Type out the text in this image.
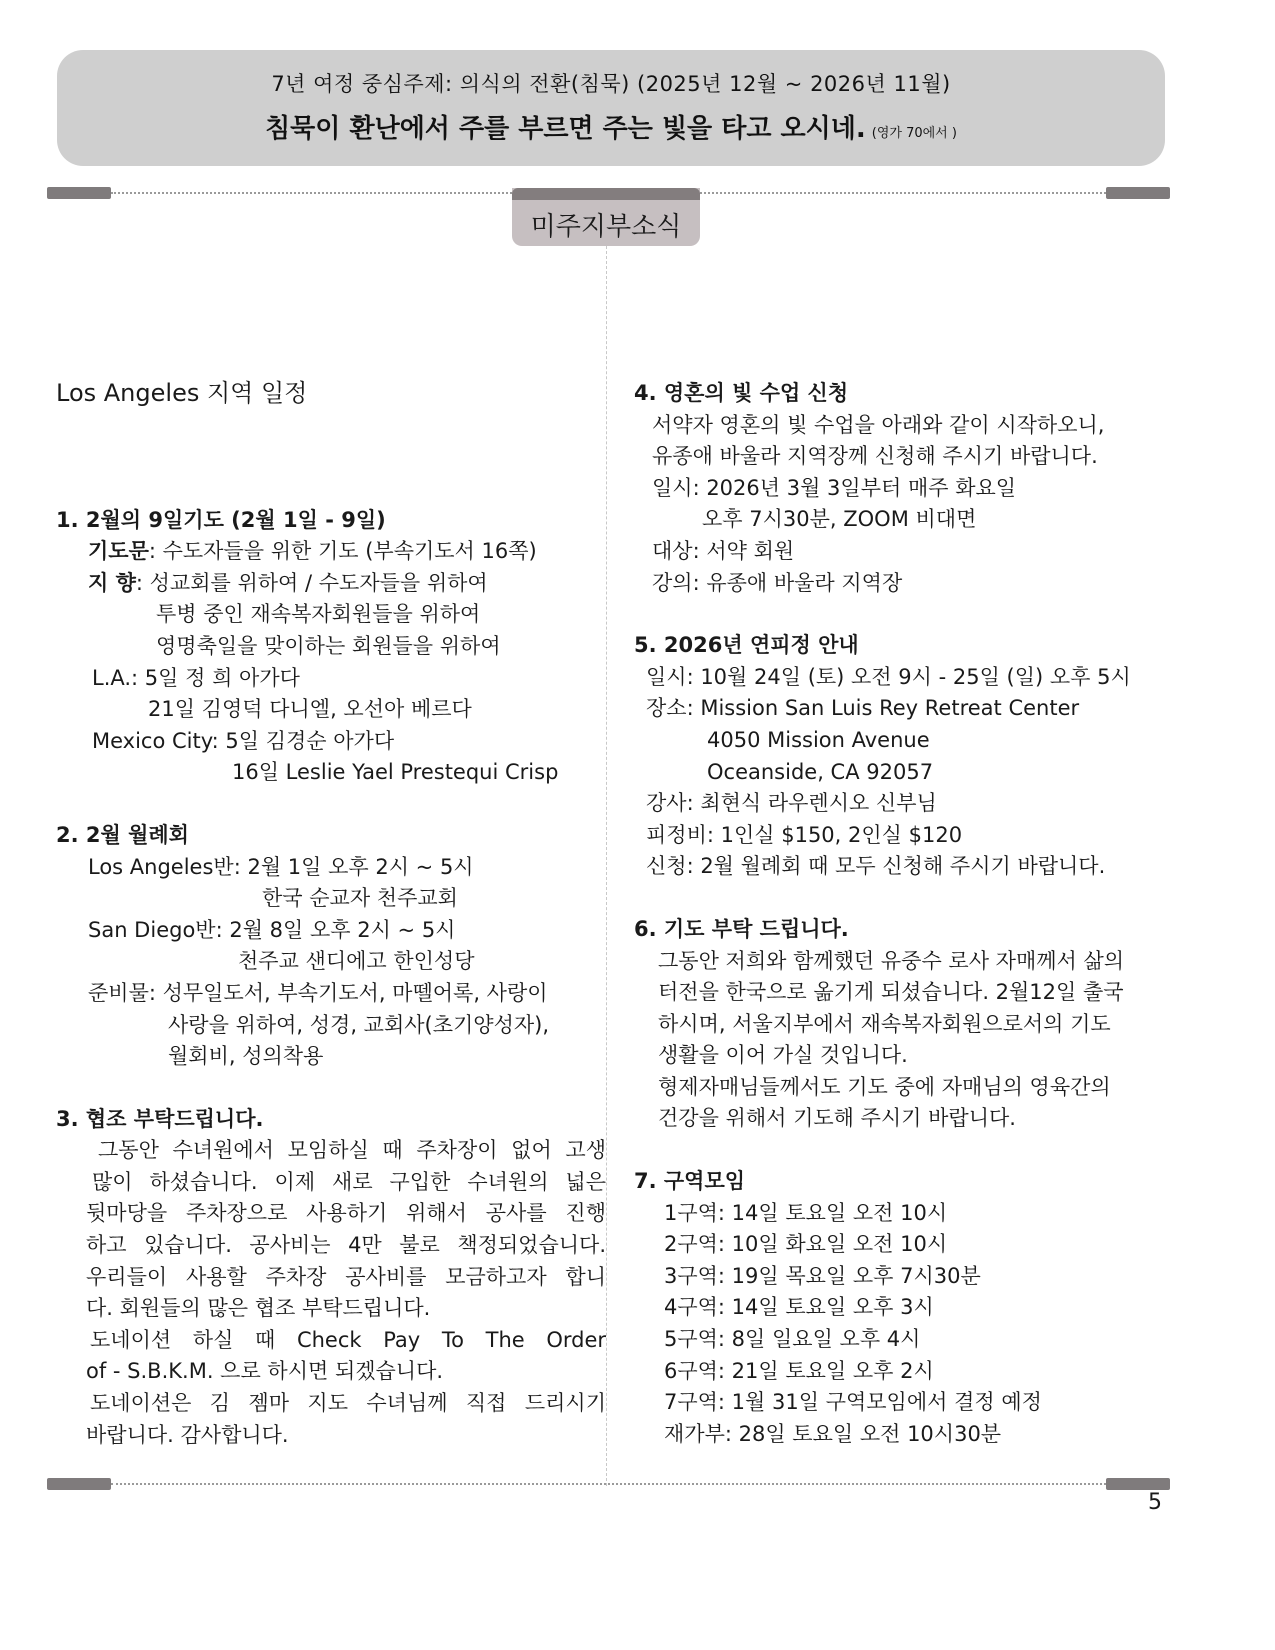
7년 여정 중심주제: 의식의 전환(침묵) (2025년 12월 ~ 2026년 11월)
침묵이 환난에서 주를 부르면 주는 빛을 타고 오시네. (영가 70에서 )
미주지부소식
Los Angeles 지역 일정
1. 2월의 9일기도 (2월 1일 - 9일)
기도문: 수도자들을 위한 기도 (부속기도서 16쪽)
지 향: 성교회를 위하여 / 수도자들을 위하여
투병 중인 재속복자회원들을 위하여
영명축일을 맞이하는 회원들을 위하여
L.A.: 5일 정 희 아가다
21일 김영덕 다니엘, 오선아 베르다
Mexico City: 5일 김경순 아가다
16일 Leslie Yael Prestequi Crisp
2. 2월 월례회
Los Angeles반: 2월 1일 오후 2시 ~ 5시
한국 순교자 천주교회
San Diego반: 2월 8일 오후 2시 ~ 5시
천주교 샌디에고 한인성당
준비물: 성무일도서, 부속기도서, 마뗄어록, 사랑이
사랑을 위하여, 성경, 교회사(초기양성자),
월회비, 성의착용
3. 협조 부탁드립니다.
그동안 수녀원에서 모임하실 때 주차장이 없어 고생
많이 하셨습니다. 이제 새로 구입한 수녀원의 넓은
뒷마당을 주차장으로 사용하기 위해서 공사를 진행
하고 있습니다. 공사비는 4만 불로 책정되었습니다.
우리들이 사용할 주차장 공사비를 모금하고자 합니
다. 회원들의 많은 협조 부탁드립니다.
도네이션 하실 때 Check Pay To The Order
of - S.B.K.M. 으로 하시면 되겠습니다.
도네이션은 김 젬마 지도 수녀님께 직접 드리시기
바랍니다. 감사합니다.
4. 영혼의 빛 수업 신청
서약자 영혼의 빛 수업을 아래와 같이 시작하오니,
유종애 바울라 지역장께 신청해 주시기 바랍니다.
일시: 2026년 3월 3일부터 매주 화요일
오후 7시30분, ZOOM 비대면
대상: 서약 회원
강의: 유종애 바울라 지역장
5. 2026년 연피정 안내
일시: 10월 24일 (토) 오전 9시 - 25일 (일) 오후 5시
장소: Mission San Luis Rey Retreat Center
4050 Mission Avenue
Oceanside, CA 92057
강사: 최현식 라우렌시오 신부님
피정비: 1인실 $150, 2인실 $120
신청: 2월 월례회 때 모두 신청해 주시기 바랍니다.
6. 기도 부탁 드립니다.
그동안 저희와 함께했던 유중수 로사 자매께서 삶의
터전을 한국으로 옮기게 되셨습니다. 2월12일 출국
하시며, 서울지부에서 재속복자회원으로서의 기도
생활을 이어 가실 것입니다.
형제자매님들께서도 기도 중에 자매님의 영육간의
건강을 위해서 기도해 주시기 바랍니다.
7. 구역모임
1구역: 14일 토요일 오전 10시
2구역: 10일 화요일 오전 10시
3구역: 19일 목요일 오후 7시30분
4구역: 14일 토요일 오후 3시
5구역: 8일 일요일 오후 4시
6구역: 21일 토요일 오후 2시
7구역: 1월 31일 구역모임에서 결정 예정
재가부: 28일 토요일 오전 10시30분
5
